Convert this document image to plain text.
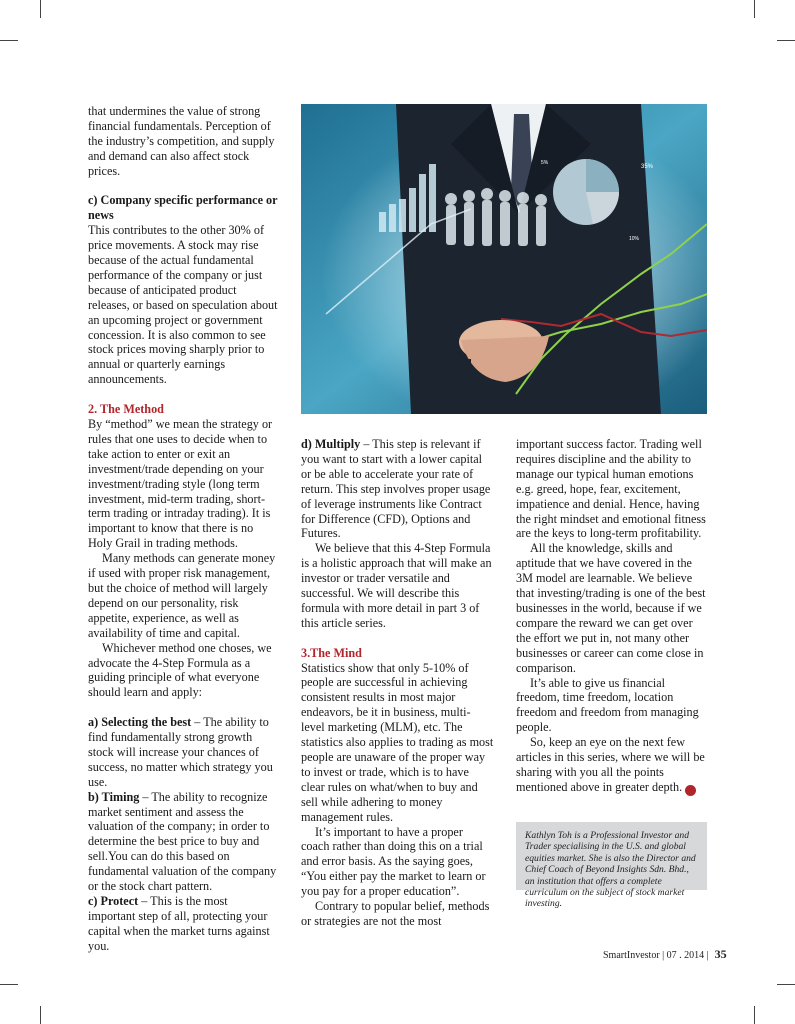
that undermines the value of strong financial fundamentals. Perception of the industry’s competition, and supply and demand can also affect stock prices.

c) Company specific performance or news

This contributes to the other 30% of price movements. A stock may rise because of the actual fundamental performance of the company or just because of anticipated product releases, or based on speculation about an upcoming project or government concession. It is also common to see stock prices moving sharply prior to annual or quarterly earnings announcements.

2. The Method

By “method” we mean the strategy or rules that one uses to decide when to take action to enter or exit an investment/trade depending on your investment/trading style (long term investment, mid-term trading, short-term trading or intraday trading). It is important to know that there is no Holy Grail in trading methods.

Many methods can generate money if used with proper risk management, but the choice of method will largely depend on our personality, risk appetite, experience, as well as availability of time and capital.

Whichever method one choses, we advocate the 4-Step Formula as a guiding principle of what everyone should learn and apply:

a) Selecting the best – The ability to find fundamentally strong growth stock will increase your chances of success, no matter which strategy you use.

b) Timing – The ability to recognize market sentiment and assess the valuation of the company; in order to determine the best price to buy and sell.You can do this based on fundamental valuation of the company or the stock chart pattern.

c) Protect – This is the most important step of all, protecting your capital when the market turns against you.

35%
10%
5%

d) Multiply – This step is relevant if you want to start with a lower capital or be able to accelerate your rate of return. This step involves proper usage of leverage instruments like Contract for Difference (CFD), Options and Futures.

We believe that this 4-Step Formula is a holistic approach that will make an investor or trader versatile and successful. We will describe this formula with more detail in part 3 of this article series.

3.The Mind

Statistics show that only 5-10% of people are successful in achieving consistent results in most major endeavors, be it in business, multi-level marketing (MLM), etc. The statistics also applies to trading as most people are unaware of the proper way to invest or trade, which is to have clear rules on what/when to buy and sell while adhering to money management rules.

It’s important to have a proper coach rather than doing this on a trial and error basis. As the saying goes, “You either pay the market to learn or you pay for a proper education”.

Contrary to popular belief, methods or strategies are not the most

important success factor. Trading well requires discipline and the ability to manage our typical human emotions e.g. greed, hope, fear, excitement, impatience and denial. Hence, having the right mindset and emotional fitness are the keys to long-term profitability.

All the knowledge, skills and aptitude that we have covered in the 3M model are learnable. We believe that investing/trading is one of the best businesses in the world, because if we compare the reward we can get over the effort we put in, not many other businesses or career can come close in comparison.

It’s able to give us financial freedom, time freedom, location freedom and freedom from managing people.

So, keep an eye on the next few articles in this series, where we will be sharing with you all the points mentioned above in greater depth. SI

Kathlyn Toh is a Professional Investor and Trader specialising in the U.S. and global equities market. She is also the Director and Chief Coach of Beyond Insights Sdn. Bhd., an institution that offers a complete curriculum on the subject of stock market investing.
SmartInvestor | 07 . 2014 | 35
